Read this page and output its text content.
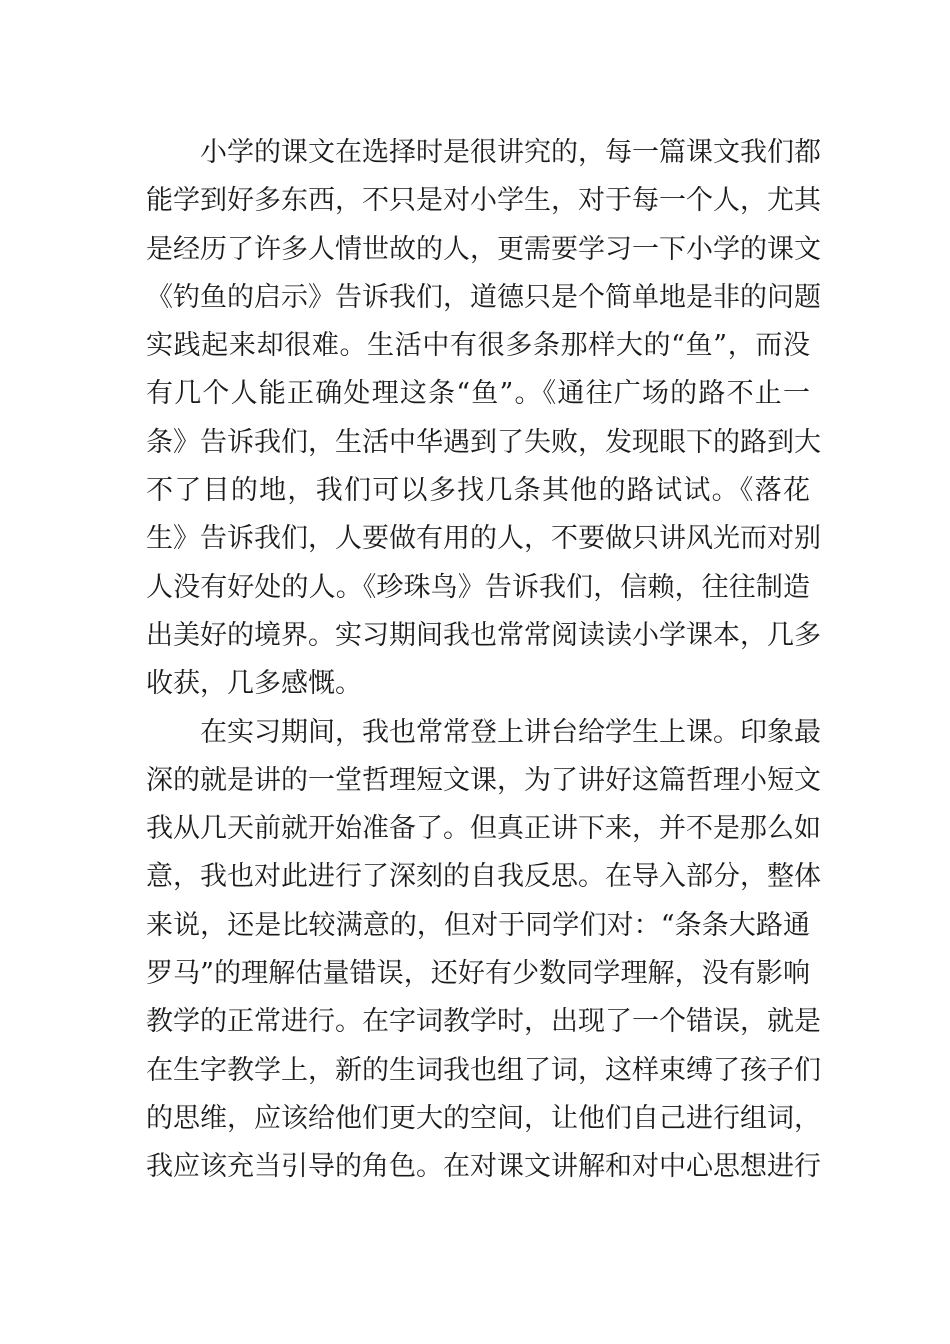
小学的课文在选择时是很讲究的，每一篇课文我们都
能学到好多东西，不只是对小学生，对于每一个人，尤其
是经历了许多人情世故的人，更需要学习一下小学的课文
《钓鱼的启示》告诉我们，道德只是个简单地是非的问题
实践起来却很难。生活中有很多条那样大的“鱼”，而没
有几个人能正确处理这条“鱼”。《通往广场的路不止一
条》告诉我们，生活中华遇到了失败，发现眼下的路到大
不了目的地，我们可以多找几条其他的路试试。《落花
生》告诉我们，人要做有用的人，不要做只讲风光而对别
人没有好处的人。《珍珠鸟》告诉我们，信赖，往往制造
出美好的境界。实习期间我也常常阅读读小学课本，几多
收获，几多感慨。
在实习期间，我也常常登上讲台给学生上课。印象最
深的就是讲的一堂哲理短文课，为了讲好这篇哲理小短文
我从几天前就开始准备了。但真正讲下来，并不是那么如
意，我也对此进行了深刻的自我反思。在导入部分，整体
来说，还是比较满意的，但对于同学们对：“条条大路通
罗马”的理解估量错误，还好有少数同学理解，没有影响
教学的正常进行。在字词教学时，出现了一个错误，就是
在生字教学上，新的生词我也组了词，这样束缚了孩子们
的思维，应该给他们更大的空间，让他们自己进行组词，
我应该充当引导的角色。在对课文讲解和对中心思想进行
